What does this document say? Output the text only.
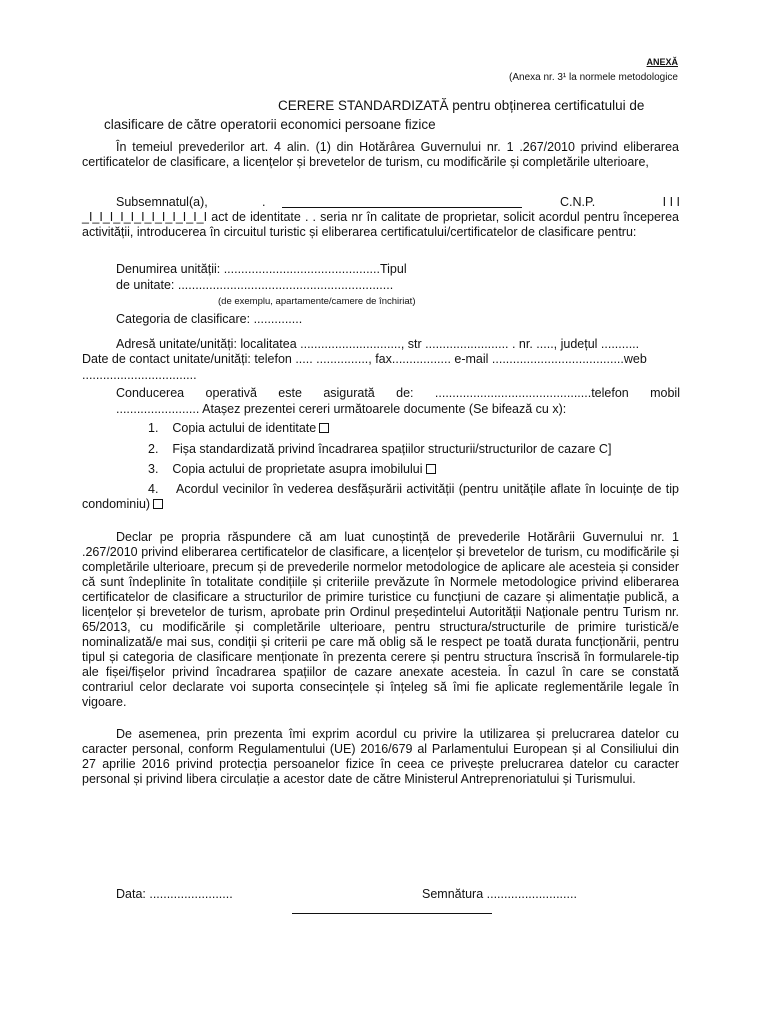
ANEXĂ
(Anexa nr. 3¹ la normele metodologice
CERERE STANDARDIZATĂ pentru obținerea certificatului de
clasificare de către operatorii economici persoane fizice
În temeiul prevederilor art. 4 alin. (1) din Hotărârea Guvernului nr. 1 .267/2010 privind eliberarea certificatelor de clasificare, a licențelor și brevetelor de turism, cu modificările și completările ulterioare,
Subsemnatul(a),	.	C.N.P.	I I I
_I_I_I_I_I_I_I_I_I_I_I_I act de identitate . . seria nr în calitate de proprietar, solicit acordul pentru începerea activității, introducerea în circuitul turistic și eliberarea certificatului/certificatelor de clasificare pentru:
Denumirea unității: .............................................Tipul
de unitate: ..............................................................
(de exemplu, apartamente/camere de închiriat)
Categoria de clasificare: ..............
Adresă unitate/unități: localitatea ............................., str ........................ . nr. ....., județul ...........
Date de contact unitate/unități: telefon ..... ..............., fax................. e-mail ......................................web
.................................
Conducerea operativă este asigurată de: .............................................telefon mobil
........................ Atașez prezentei cereri următoarele documente (Se bifează cu x):
1. Copia actului de identitate
2. Fișa standardizată privind încadrarea spațiilor structurii/structurilor de cazare C]
3. Copia actului de proprietate asupra imobilului
4. Acordul vecinilor în vederea desfășurării activității (pentru unitățile aflate în locuințe de tip condominiu)
Declar pe propria răspundere că am luat cunoștință de prevederile Hotărârii Guvernului nr. 1 .267/2010 privind eliberarea certificatelor de clasificare, a licențelor și brevetelor de turism, cu modificările și completările ulterioare, precum și de prevederile normelor metodologice de aplicare ale acesteia și consider că sunt îndeplinite în totalitate condițiile și criteriile prevăzute în Normele metodologice privind eliberarea certificatelor de clasificare a structurilor de primire turistice cu funcțiuni de cazare și alimentație publică, a licențelor și brevetelor de turism, aprobate prin Ordinul președintelui Autorității Naționale pentru Turism nr. 65/2013, cu modificările și completările ulterioare, pentru structura/structurile de primire turistică/e nominalizată/e mai sus, condiții și criterii pe care mă oblig să le respect pe toată durata funcționării, pentru tipul și categoria de clasificare menționate în prezenta cerere și pentru structura înscrisă în formularele-tip ale fișei/fișelor privind încadrarea spațiilor de cazare anexate acesteia. În cazul în care se constată contrariul celor declarate voi suporta consecințele și înțeleg să îmi fie aplicate reglementările legale în vigoare.
De asemenea, prin prezenta îmi exprim acordul cu privire la utilizarea și prelucrarea datelor cu caracter personal, conform Regulamentului (UE) 2016/679 al Parlamentului European și al Consiliului din 27 aprilie 2016 privind protecția persoanelor fizice în ceea ce privește prelucrarea datelor cu caracter personal și privind libera circulație a acestor date de către Ministerul Antreprenoriatului și Turismului.
Data: ........................	Semnătura ..........................
